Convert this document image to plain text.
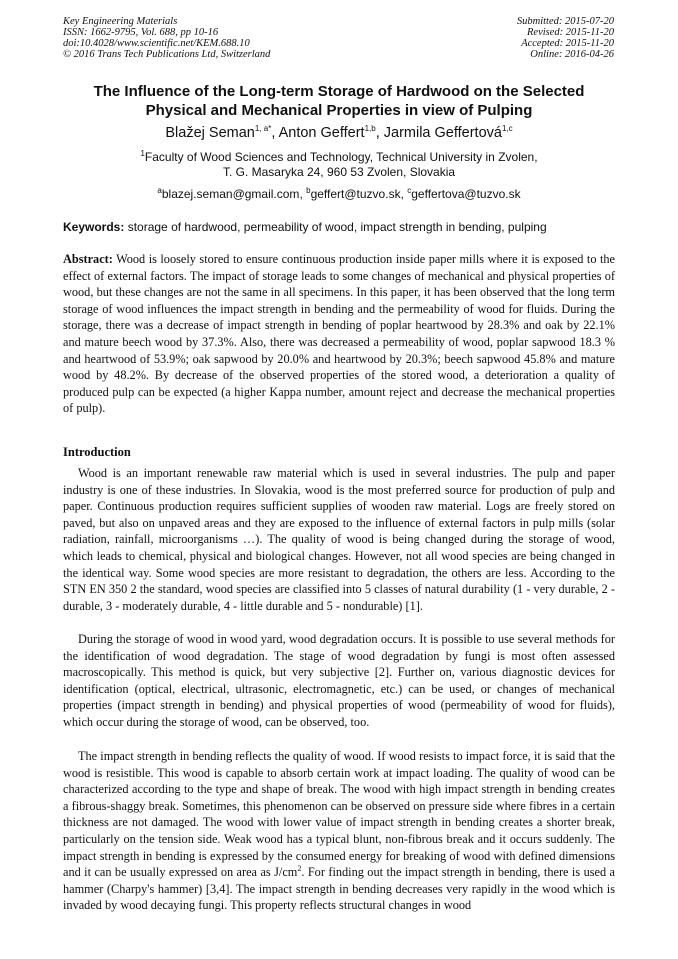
Key Engineering Materials
ISSN: 1662-9795, Vol. 688, pp 10-16
doi:10.4028/www.scientific.net/KEM.688.10
© 2016 Trans Tech Publications Ltd, Switzerland
Submitted: 2015-07-20
Revised: 2015-11-20
Accepted: 2015-11-20
Online: 2016-04-26
The Influence of the Long-term Storage of Hardwood on the Selected Physical and Mechanical Properties in view of Pulping
Blažej Seman$^{1, a*}$, Anton Geffert$^{1,b}$, Jarmila Geffertová$^{1,c}$
$^1$Faculty of Wood Sciences and Technology, Technical University in Zvolen,
T. G. Masaryka 24, 960 53 Zvolen, Slovakia
$^a$blazej.seman@gmail.com, $^b$geffert@tuzvo.sk, $^c$geffertova@tuzvo.sk
Keywords: storage of hardwood, permeability of wood, impact strength in bending, pulping

Abstract: Wood is loosely stored to ensure continuous production inside paper mills where it is exposed to the effect of external factors. The impact of storage leads to some changes of mechanical and physical properties of wood, but these changes are not the same in all specimens. In this paper, it has been observed that the long term storage of wood influences the impact strength in bending and the permeability of wood for fluids. During the storage, there was a decrease of impact strength in bending of poplar heartwood by 28.3% and oak by 22.1% and mature beech wood by 37.3%. Also, there was decreased a permeability of wood, poplar sapwood 18.3 % and heartwood of 53.9%; oak sapwood by 20.0% and heartwood by 20.3%; beech sapwood 45.8% and mature wood by 48.2%. By decrease of the observed properties of the stored wood, a deterioration a quality of produced pulp can be expected (a higher Kappa number, amount reject and decrease the mechanical properties of pulp).

Introduction

Wood is an important renewable raw material which is used in several industries. The pulp and paper industry is one of these industries. In Slovakia, wood is the most preferred source for production of pulp and paper. Continuous production requires sufficient supplies of wooden raw material. Logs are freely stored on paved, but also on unpaved areas and they are exposed to the influence of external factors in pulp mills (solar radiation, rainfall, microorganisms …). The quality of wood is being changed during the storage of wood, which leads to chemical, physical and biological changes. However, not all wood species are being changed in the identical way. Some wood species are more resistant to degradation, the others are less. According to the STN EN 350 2 the standard, wood species are classified into 5 classes of natural durability (1 - very durable, 2 - durable, 3 - moderately durable, 4 - little durable and 5 - nondurable) [1].

During the storage of wood in wood yard, wood degradation occurs. It is possible to use several methods for the identification of wood degradation. The stage of wood degradation by fungi is most often assessed macroscopically. This method is quick, but very subjective [2]. Further on, various diagnostic devices for identification (optical, electrical, ultrasonic, electromagnetic, etc.) can be used, or changes of mechanical properties (impact strength in bending) and physical properties of wood (permeability of wood for fluids), which occur during the storage of wood, can be observed, too.

The impact strength in bending reflects the quality of wood. If wood resists to impact force, it is said that the wood is resistible. This wood is capable to absorb certain work at impact loading. The quality of wood can be characterized according to the type and shape of break. The wood with high impact strength in bending creates a fibrous-shaggy break. Sometimes, this phenomenon can be observed on pressure side where fibres in a certain thickness are not damaged. The wood with lower value of impact strength in bending creates a shorter break, particularly on the tension side. Weak wood has a typical blunt, non-fibrous break and it occurs suddenly. The impact strength in bending is expressed by the consumed energy for breaking of wood with defined dimensions and it can be usually expressed on area as $J/cm^2$. For finding out the impact strength in bending, there is used a hammer (Charpy's hammer) [3,4]. The impact strength in bending decreases very rapidly in the wood which is invaded by wood decaying fungi. This property reflects structural changes in wood
